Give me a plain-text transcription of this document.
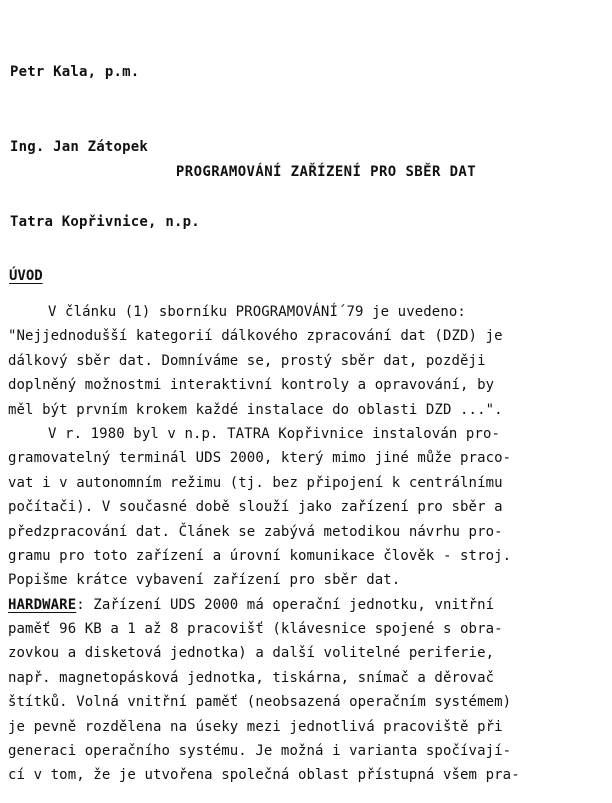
Petr Kala, p.m.

Ing. Jan Zátopek

Tatra Kopřivnice, n.p.

PROGRAMOVÁNÍ ZAŘÍZENÍ PRO SBĚR DAT
ÚVOD
V článku (1) sborníku PROGRAMOVÁNÍ´79 je uvedeno:
"Nejjednodušší kategorií dálkového zpracování dat (DZD) je
dálkový sběr dat. Domníváme se, prostý sběr dat, později
doplněný možnostmi interaktivní kontroly a opravování, by
měl být prvním krokem každé instalace do oblasti DZD ...".
V r. 1980 byl v n.p. TATRA Kopřivnice instalován pro-
gramovatelný terminál UDS 2000, který mimo jiné může praco-
vat i v autonomním režimu (tj. bez připojení k centrálnímu
počítači). V současné době slouží jako zařízení pro sběr a
předzpracování dat. Článek se zabývá metodikou návrhu pro-
gramu pro toto zařízení a úrovní komunikace člověk - stroj.
Popišme krátce vybavení zařízení pro sběr dat.
HARDWARE: Zařízení UDS 2000 má operační jednotku, vnitřní
paměť 96 KB a 1 až 8 pracovišť (klávesnice spojené s obra-
zovkou a disketová jednotka) a další volitelné periferie,
např. magnetopásková jednotka, tiskárna, snímač a děrovač
štítků. Volná vnitřní paměť (neobsazená operačním systémem)
je pevně rozdělena na úseky mezi jednotlivá pracoviště při
generaci operačního systému. Je možná i varianta spočívají-
cí v tom, že je utvořena společná oblast přístupná všem pra-
